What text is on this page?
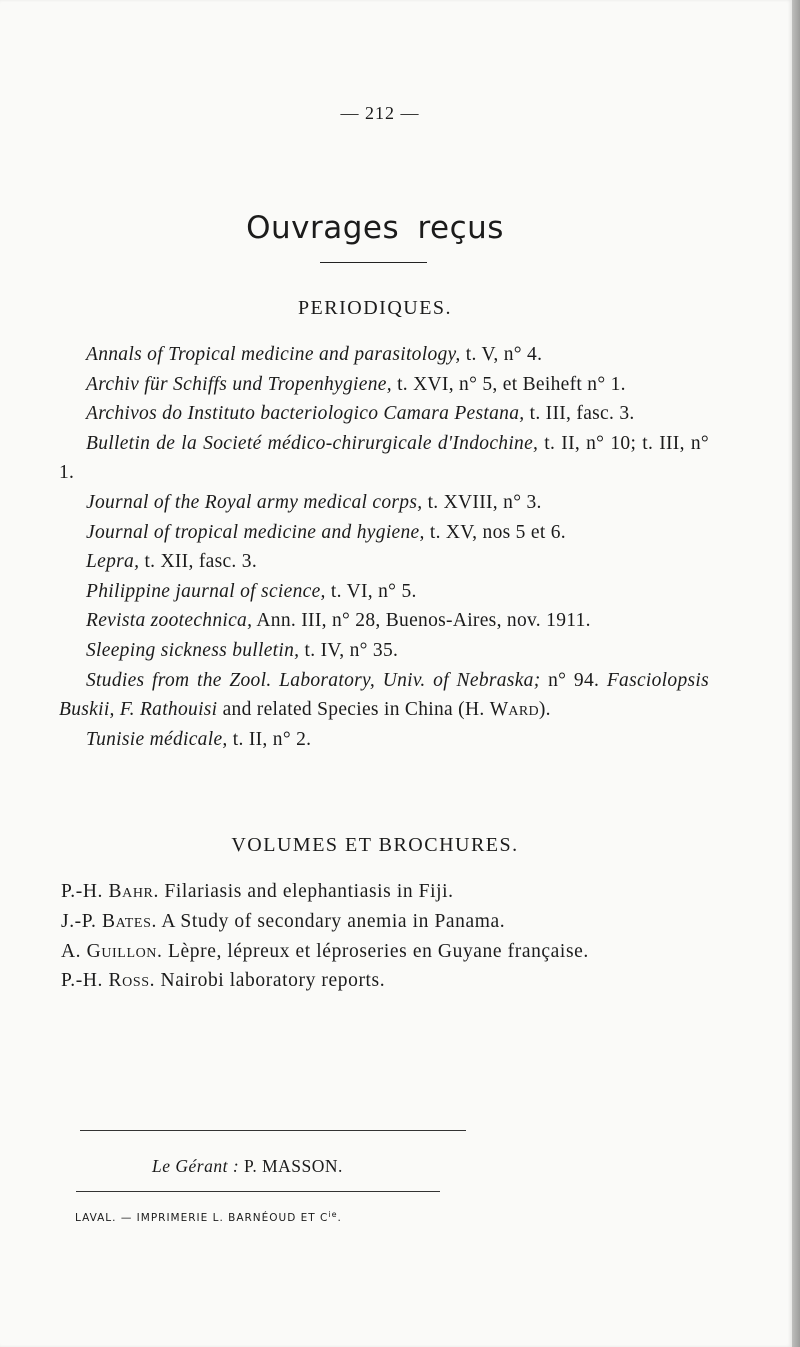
— 212 —
Ouvrages reçus
PERIODIQUES.
Annals of Tropical medicine and parasitology, t. V, n° 4.
Archiv für Schiffs und Tropenhygiene, t. XVI, n° 5, et Beiheft n° 1.
Archivos do Instituto bacteriologico Camara Pestana, t. III, fasc. 3.
Bulletin de la Societé médico-chirurgicale d'Indochine, t. II, n° 10; t. III, n° 1.
Journal of the Royal army medical corps, t. XVIII, n° 3.
Journal of tropical medicine and hygiene, t. XV, nos 5 et 6.
Lepra, t. XII, fasc. 3.
Philippine jaurnal of science, t. VI, n° 5.
Revista zootechnica, Ann. III, n° 28, Buenos-Aires, nov. 1911.
Sleeping sickness bulletin, t. IV, n° 35.
Studies from the Zool. Laboratory, Univ. of Nebraska; n° 94. Fasciolopsis Buskii, F. Rathouisi and related Species in China (H. Ward).
Tunisie médicale, t. II, n° 2.
VOLUMES ET BROCHURES.
P.-H. Bahr. Filariasis and elephantiasis in Fiji.
J.-P. Bates. A Study of secondary anemia in Panama.
A. Guillon. Lèpre, lépreux et léproseries en Guyane française.
P.-H. Ross. Nairobi laboratory reports.
Le Gérant : P. MASSON.
LAVAL. — IMPRIMERIE L. BARNÉOUD ET $C^{ie}$.
